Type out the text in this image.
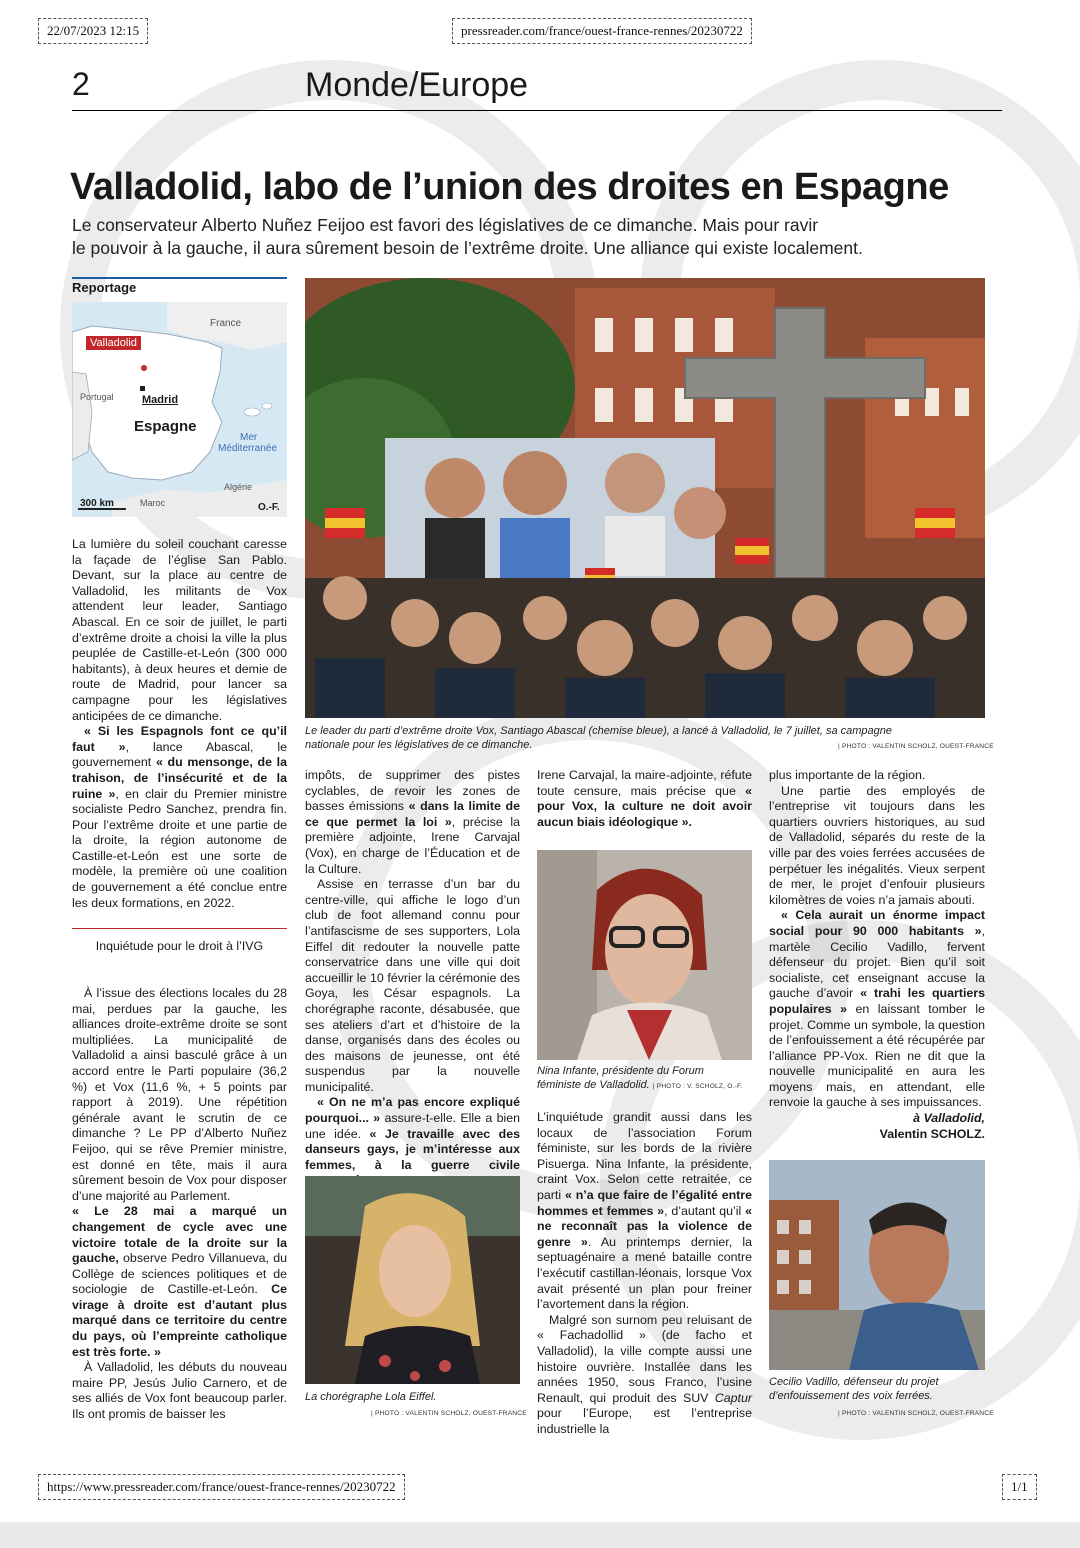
22/07/2023 12:15	pressreader.com/france/ouest-france-rennes/20230722
2	Monde/Europe
Valladolid, labo de l’union des droites en Espagne
Le conservateur Alberto Nuñez Feijoo est favori des législatives de ce dimanche. Mais pour ravir
le pouvoir à la gauche, il aura sûrement besoin de l’extrême droite. Une alliance qui existe localement.
Reportage
France
Valladolid
Portugal	Madrid
Espagne
Mer
Méditerranée
Maroc
Algérie
300 km	O.-F.
Le leader du parti d’extrême droite Vox, Santiago Abascal (chemise bleue), a lancé à Valladolid, le 7 juillet, sa campagne
nationale pour les législatives de ce dimanche.	| PHOTO : VALENTIN SCHOLZ, OUEST-FRANCE

La lumière du soleil couchant caresse la façade de l’église San Pablo. Devant, sur la place au centre de Valladolid, les militants de Vox attendent leur leader, Santiago Abascal. En ce soir de juillet, le parti d’extrême droite a choisi la ville la plus peuplée de Castille-et-León (300 000 habitants), à deux heures et demie de route de Madrid, pour lancer sa campagne pour les législatives anticipées de ce dimanche.

« Si les Espagnols font ce qu’il faut », lance Abascal, le gouvernement « du mensonge, de la trahison, de l’insécurité et de la ruine », en clair du Premier ministre socialiste Pedro Sanchez, prendra fin. Pour l’extrême droite et une partie de la droite, la région autonome de Castille-et-León est une sorte de modèle, la première où une coalition de gouvernement a été conclue entre les deux formations, en 2022.

Inquiétude pour le droit à l’IVG

À l’issue des élections locales du 28 mai, perdues par la gauche, les alliances droite-extrême droite se sont multipliées. La municipalité de Valladolid a ainsi basculé grâce à un accord entre le Parti populaire (36,2 %) et Vox (11,6 %, + 5 points par rapport à 2019). Une répétition générale avant le scrutin de ce dimanche ? Le PP d’Alberto Nuñez Feijoo, qui se rêve Premier ministre, est donné en tête, mais il aura sûrement besoin de Vox pour disposer d’une majorité au Parlement.

« Le 28 mai a marqué un changement de cycle avec une victoire totale de la droite sur la gauche, observe Pedro Villanueva, du Collège de sciences politiques et de sociologie de Castille-et-León. Ce virage à droite est d’autant plus marqué dans ce territoire du centre du pays, où l’empreinte catholique est très forte. »

À Valladolid, les débuts du nouveau maire PP, Jesús Julio Carnero, et de ses alliés de Vox font beaucoup parler. Ils ont promis de baisser les

impôts, de supprimer des pistes cyclables, de revoir les zones de basses émissions « dans la limite de ce que permet la loi », précise la première adjointe, Irene Carvajal (Vox), en charge de l’Éducation et de la Culture.

Assise en terrasse d’un bar du centre-ville, qui affiche le logo d’un club de foot allemand connu pour l’antifascisme de ses supporters, Lola Eiffel dit redouter la nouvelle patte conservatrice dans une ville qui doit accueillir le 10 février la cérémonie des Goya, les César espagnols. La chorégraphe raconte, désabusée, que ses ateliers d’art et d’histoire de la danse, organisés dans des écoles ou des maisons de jeunesse, ont été suspendus par la nouvelle municipalité.

« On ne m’a pas encore expliqué pourquoi... » assure-t-elle. Elle a bien une idée. « Je travaille avec des danseurs gays, je m’intéresse aux femmes, à la guerre civile

La chorégraphe Lola Eiffel.
| PHOTO : VALENTIN SCHOLZ, OUEST-FRANCE

Irene Carvajal, la maire-adjointe, réfute toute censure, mais précise que « pour Vox, la culture ne doit avoir aucun biais idéologique ».

Nina Infante, présidente du Forum
féministe de Valladolid. | PHOTO : V. SCHOLZ, O.-F.

L’inquiétude grandit aussi dans les locaux de l’association Forum féministe, sur les bords de la rivière Pisuerga. Nina Infante, la présidente, craint Vox. Selon cette retraitée, ce parti « n’a que faire de l’égalité entre hommes et femmes », d’autant qu’il « ne reconnaît pas la violence de genre ». Au printemps dernier, la septuagénaire a mené bataille contre l’exécutif castillan-léonais, lorsque Vox avait présenté un plan pour freiner l’avortement dans la région.

Malgré son surnom peu reluisant de « Fachadollid » (de facho et Valladolid), la ville compte aussi une histoire ouvrière. Installée dans les années 1950, sous Franco, l’usine Renault, qui produit des SUV Captur pour l’Europe, est l’entreprise industrielle la

plus importante de la région.

Une partie des employés de l’entreprise vit toujours dans les quartiers ouvriers historiques, au sud de Valladolid, séparés du reste de la ville par des voies ferrées accusées de perpétuer les inégalités. Vieux serpent de mer, le projet d’enfouir plusieurs kilomètres de voies n’a jamais abouti.

« Cela aurait un énorme impact social pour 90 000 habitants », martèle Cecilio Vadillo, fervent défenseur du projet. Bien qu’il soit socialiste, cet enseignant accuse la gauche d’avoir « trahi les quartiers populaires » en laissant tomber le projet. Comme un symbole, la question de l’enfouissement a été récupérée par l’alliance PP-Vox. Rien ne dit que la nouvelle municipalité en aura les moyens mais, en attendant, elle renvoie la gauche à ses impuissances.

à Valladolid,

Valentin SCHOLZ.

Cecilio Vadillo, défenseur du projet
d’enfouissement des voix ferrées.
| PHOTO : VALENTIN SCHOLZ, OUEST-FRANCE
https://www.pressreader.com/france/ouest-france-rennes/20230722	1/1
